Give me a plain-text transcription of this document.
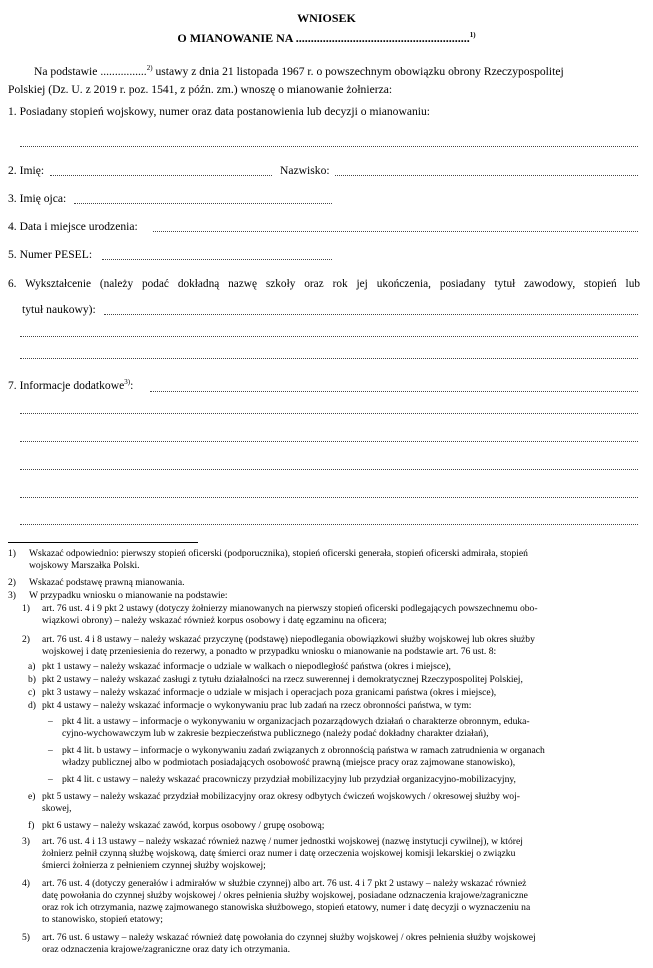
WNIOSEK
O MIANOWANIE NA ..........................................................$^{1)}$
Na podstawie ................$^{2)}$ ustawy z dnia 21 listopada 1967 r. o powszechnym obowiązku obrony Rzeczypospolitej
Polskiej (Dz. U. z 2019 r. poz. 1541, z późn. zm.) wnoszę o mianowanie żołnierza:
1. Posiadany stopień wojskowy, numer oraz data postanowienia lub decyzji o mianowaniu:
2. Imię:	Nazwisko:
3. Imię ojca:
4. Data i miejsce urodzenia:
5. Numer PESEL:
6. Wykształcenie (należy podać dokładną nazwę szkoły oraz rok jej ukończenia, posiadany tytuł zawodowy, stopień lub
tytuł naukowy):
7. Informacje dodatkowe$^{3)}$:
1) Wskazać odpowiednio: pierwszy stopień oficerski (podporucznika), stopień oficerski generała, stopień oficerski admirała, stopień
wojskowy Marszałka Polski.
2) Wskazać podstawę prawną mianowania.
3) W przypadku wniosku o mianowanie na podstawie:
1) art. 76 ust. 4 i 9 pkt 2 ustawy (dotyczy żołnierzy mianowanych na pierwszy stopień oficerski podlegających powszechnemu obo-
wiązkowi obrony) – należy wskazać również korpus osobowy i datę egzaminu na oficera;
2) art. 76 ust. 4 i 8 ustawy – należy wskazać przyczynę (podstawę) niepodlegania obowiązkowi służby wojskowej lub okres służby
wojskowej i datę przeniesienia do rezerwy, a ponadto w przypadku wniosku o mianowanie na podstawie art. 76 ust. 8:
a) pkt 1 ustawy – należy wskazać informacje o udziale w walkach o niepodległość państwa (okres i miejsce),
b) pkt 2 ustawy – należy wskazać zasługi z tytułu działalności na rzecz suwerennej i demokratycznej Rzeczypospolitej Polskiej,
c) pkt 3 ustawy – należy wskazać informacje o udziale w misjach i operacjach poza granicami państwa (okres i miejsce),
d) pkt 4 ustawy – należy wskazać informacje o wykonywaniu prac lub zadań na rzecz obronności państwa, w tym:
– pkt 4 lit. a ustawy – informacje o wykonywaniu w organizacjach pozarządowych działań o charakterze obronnym, eduka-
cyjno-wychowawczym lub w zakresie bezpieczeństwa publicznego (należy podać dokładny charakter działań),
– pkt 4 lit. b ustawy – informacje o wykonywaniu zadań związanych z obronnością państwa w ramach zatrudnienia w organach
władzy publicznej albo w podmiotach posiadających osobowość prawną (miejsce pracy oraz zajmowane stanowisko),
– pkt 4 lit. c ustawy – należy wskazać pracowniczy przydział mobilizacyjny lub przydział organizacyjno-mobilizacyjny,
e) pkt 5 ustawy – należy wskazać przydział mobilizacyjny oraz okresy odbytych ćwiczeń wojskowych / okresowej służby woj-
skowej,
f) pkt 6 ustawy – należy wskazać zawód, korpus osobowy / grupę osobową;
3) art. 76 ust. 4 i 13 ustawy – należy wskazać również nazwę / numer jednostki wojskowej (nazwę instytucji cywilnej), w której
żołnierz pełnił czynną służbę wojskową, datę śmierci oraz numer i datę orzeczenia wojskowej komisji lekarskiej o związku
śmierci żołnierza z pełnieniem czynnej służby wojskowej;
4) art. 76 ust. 4 (dotyczy generałów i admirałów w służbie czynnej) albo art. 76 ust. 4 i 7 pkt 2 ustawy – należy wskazać również
datę powołania do czynnej służby wojskowej / okres pełnienia służby wojskowej, posiadane odznaczenia krajowe/zagraniczne
oraz rok ich otrzymania, nazwę zajmowanego stanowiska służbowego, stopień etatowy, numer i datę decyzji o wyznaczeniu na
to stanowisko, stopień etatowy;
5) art. 76 ust. 6 ustawy – należy wskazać również datę powołania do czynnej służby wojskowej / okres pełnienia służby wojskowej
oraz odznaczenia krajowe/zagraniczne oraz daty ich otrzymania.
